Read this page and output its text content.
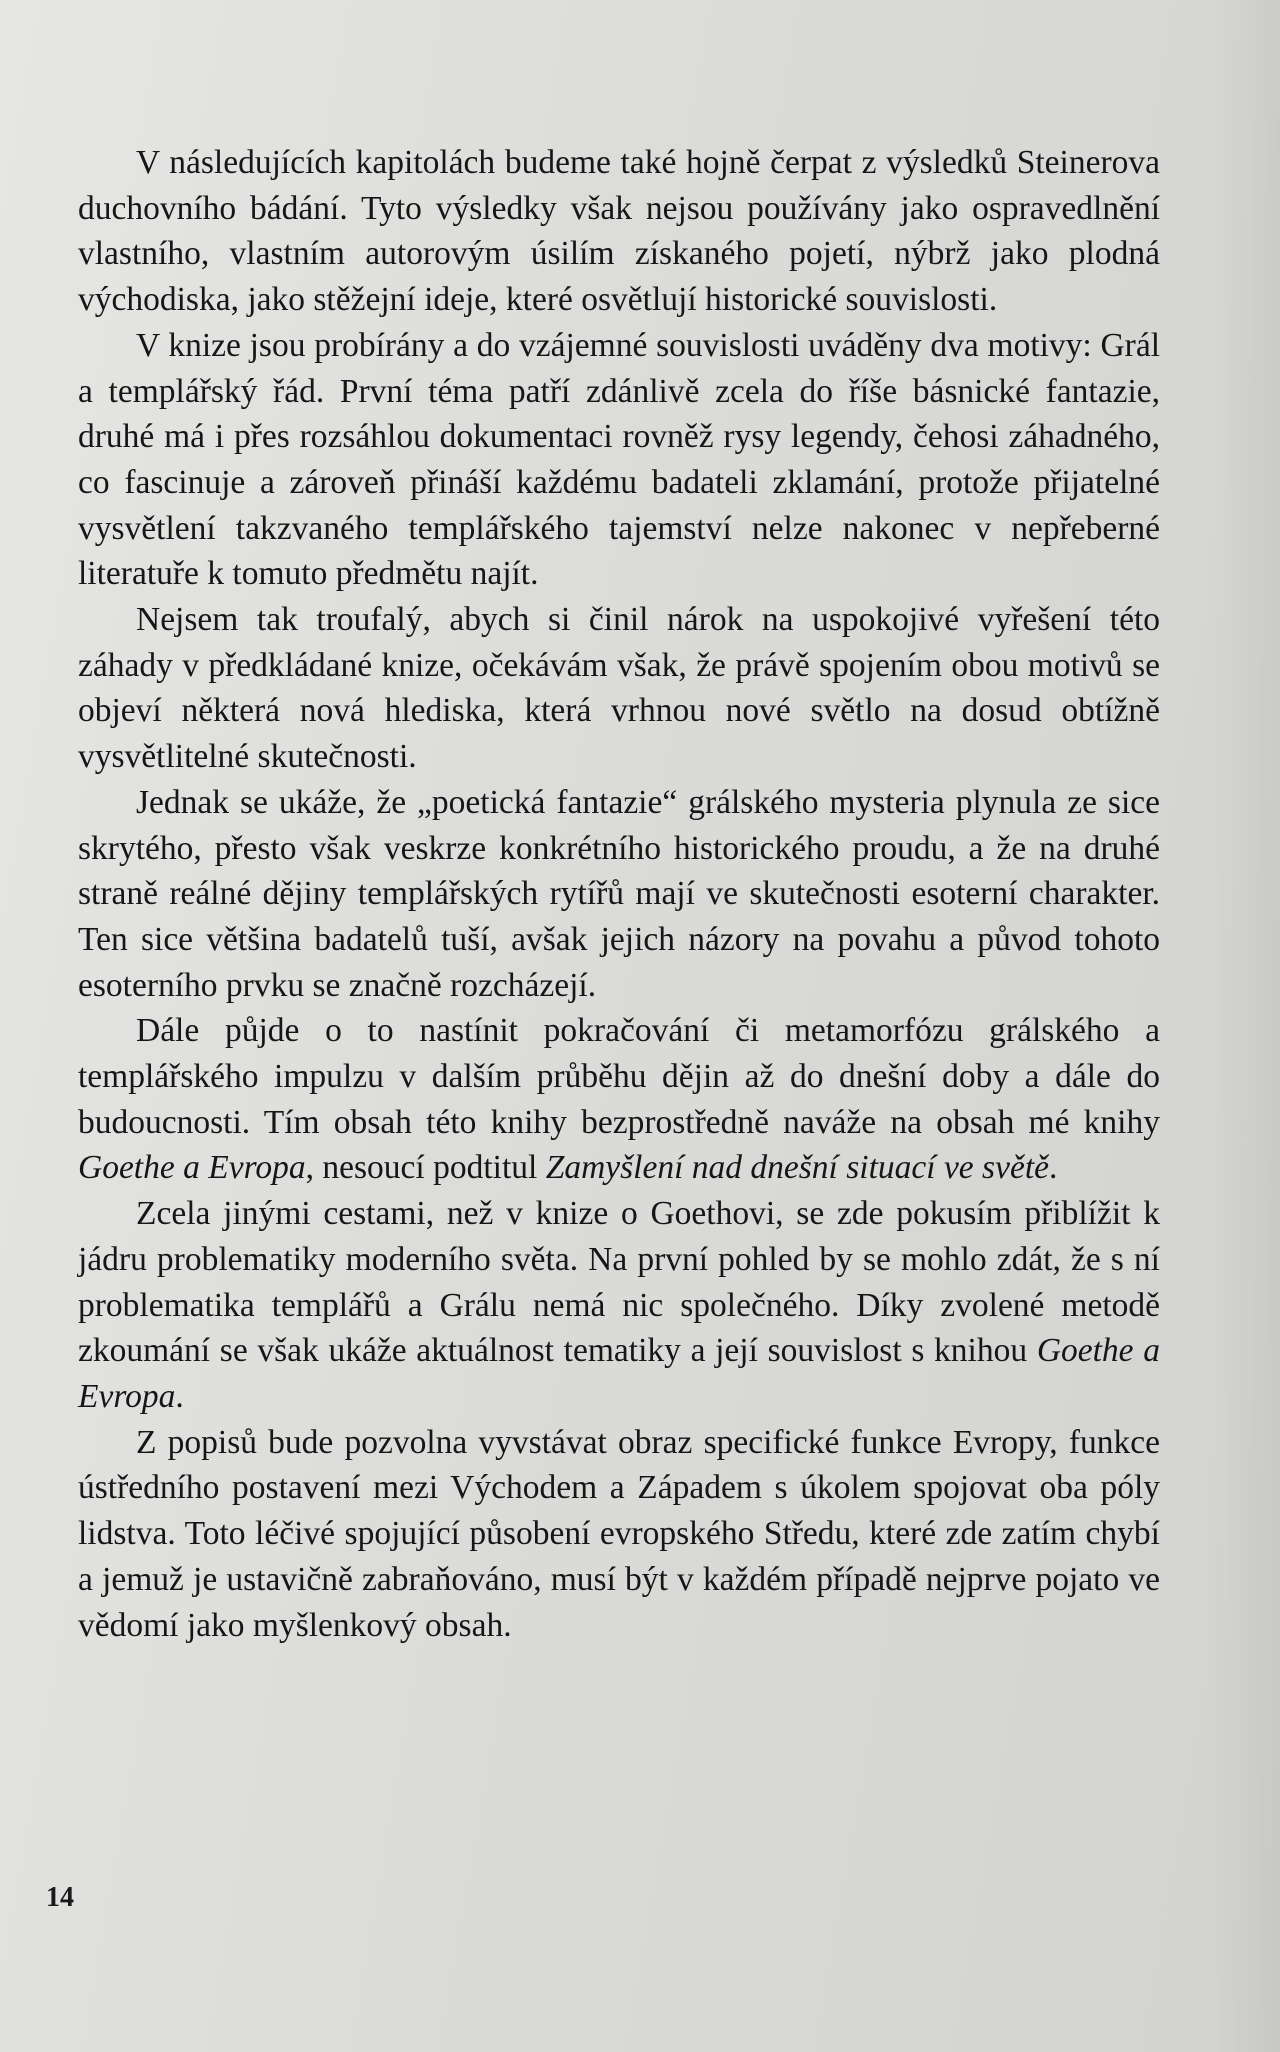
V následujících kapitolách budeme také hojně čerpat z výsledků Steinerova duchovního bádání. Tyto výsledky však nejsou používány jako ospravedlnění vlastního, vlastním autorovým úsilím získaného pojetí, nýbrž jako plodná východiska, jako stěžejní ideje, které osvětlují historické souvislosti.

V knize jsou probírány a do vzájemné souvislosti uváděny dva motivy: Grál a templářský řád. První téma patří zdánlivě zcela do říše básnické fantazie, druhé má i přes rozsáhlou dokumentaci rovněž rysy legendy, čehosi záhadného, co fascinuje a zároveň přináší každému badateli zklamání, protože přijatelné vysvětlení takzvaného templářského tajemství nelze nakonec v nepřeberné literatuře k tomuto předmětu najít.

Nejsem tak troufalý, abych si činil nárok na uspokojivé vyřešení této záhady v předkládané knize, očekávám však, že právě spojením obou motivů se objeví některá nová hlediska, která vrhnou nové světlo na dosud obtížně vysvětlitelné skutečnosti.

Jednak se ukáže, že „poetická fantazie“ grálského mysteria plynula ze sice skrytého, přesto však veskrze konkrétního historického proudu, a že na druhé straně reálné dějiny templářských rytířů mají ve skutečnosti esoterní charakter. Ten sice většina badatelů tuší, avšak jejich názory na povahu a původ tohoto esoterního prvku se značně rozcházejí.

Dále půjde o to nastínit pokračování či metamorfózu grálského a templářského impulzu v dalším průběhu dějin až do dnešní doby a dále do budoucnosti. Tím obsah této knihy bezprostředně naváže na obsah mé knihy Goethe a Evropa, nesoucí podtitul Zamyšlení nad dnešní situací ve světě.

Zcela jinými cestami, než v knize o Goethovi, se zde pokusím přiblížit k jádru problematiky moderního světa. Na první pohled by se mohlo zdát, že s ní problematika templářů a Grálu nemá nic společného. Díky zvolené metodě zkoumání se však ukáže aktuálnost tematiky a její souvislost s knihou Goethe a Evropa.

Z popisů bude pozvolna vyvstávat obraz specifické funkce Evropy, funkce ústředního postavení mezi Východem a Západem s úkolem spojovat oba póly lidstva. Toto léčivé spojující působení evropského Středu, které zde zatím chybí a jemuž je ustavičně zabraňováno, musí být v každém případě nejprve pojato ve vědomí jako myšlenkový obsah.

14
